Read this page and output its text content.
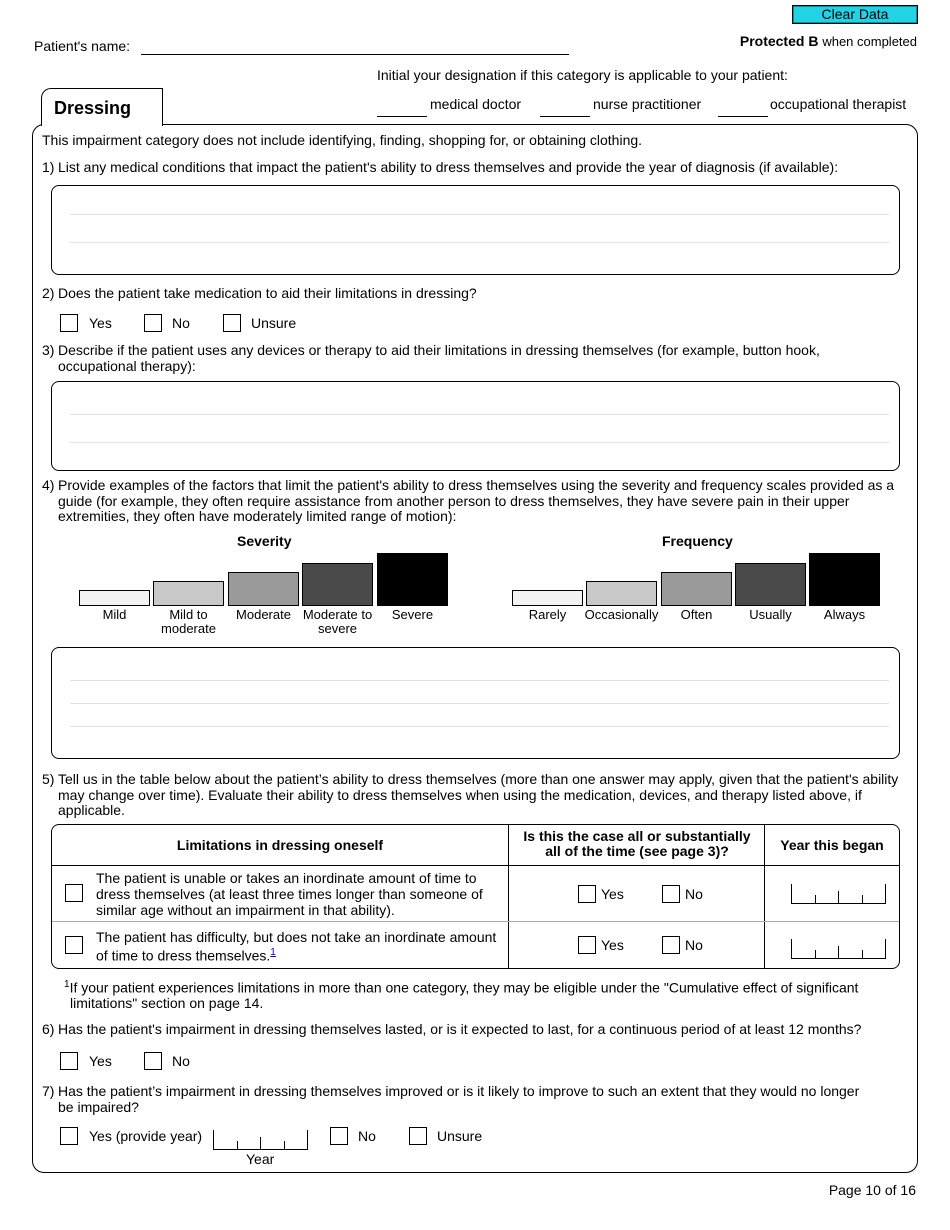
Clear Data
Patient's name:	Protected B when completed
Initial your designation if this category is applicable to your patient:
medical doctor	nurse practitioner	occupational therapist
Dressing
This impairment category does not include identifying, finding, shopping for, or obtaining clothing.
1) List any medical conditions that impact the patient's ability to dress themselves and provide the year of diagnosis (if available):
2) Does the patient take medication to aid their limitations in dressing?
Yes	No	Unsure
3) Describe if the patient uses any devices or therapy to aid their limitations in dressing themselves (for example, button hook,
occupational therapy):
4) Provide examples of the factors that limit the patient's ability to dress themselves using the severity and frequency scales provided as a
guide (for example, they often require assistance from another person to dress themselves, they have severe pain in their upper
extremities, they often have moderately limited range of motion):
Severity	Frequency
Mild	Mild to moderate
Moderate Moderate to severe
Severe	Rarely	Occasionally	Often	Usually	Always
5) Tell us in the table below about the patient’s ability to dress themselves (more than one answer may apply, given that the patient's ability
may change over time). Evaluate their ability to dress themselves when using the medication, devices, and therapy listed above, if
applicable.
Limitations in dressing oneself
Is this the case all or substantially all of the time (see page 3)?	Year this began
The patient is unable or takes an inordinate amount of time to dress themselves (at least three times longer than someone of similar age without an impairment in that ability).
Yes	No
The patient has difficulty, but does not take an inordinate amount of time to dress themselves.$^1$	Yes	No
$^1$If your patient experiences limitations in more than one category, they may be eligible under the "Cumulative effect of significant
limitations" section on page 14.
6) Has the patient's impairment in dressing themselves lasted, or is it expected to last, for a continuous period of at least 12 months?
Yes	No
7) Has the patient’s impairment in dressing themselves improved or is it likely to improve to such an extent that they would no longer
be impaired?
Yes (provide year)
Year
No	Unsure
Page 10 of 16
